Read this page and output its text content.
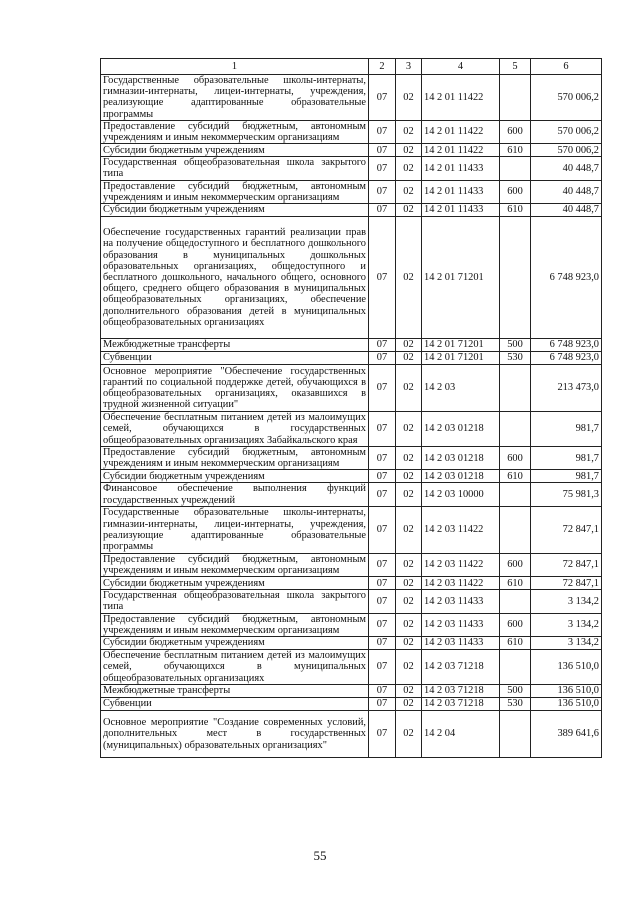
1	2	3	4	5	6
Государственные образовательные школы-интернаты, гимназии-интернаты, лицеи-интернаты, учреждения, реализующие адаптированные образовательные программы	07	02	14 2 01 11422		570 006,2
Предоставление субсидий бюджетным, автономным учреждениям и иным некоммерческим организациям	07	02	14 2 01 11422	600	570 006,2
Субсидии бюджетным учреждениям	07	02	14 2 01 11422	610	570 006,2
Государственная общеобразовательная школа закрытого типа	07	02	14 2 01 11433		40 448,7
Предоставление субсидий бюджетным, автономным учреждениям и иным некоммерческим организациям	07	02	14 2 01 11433	600	40 448,7
Субсидии бюджетным учреждениям	07	02	14 2 01 11433	610	40 448,7
Обеспечение государственных гарантий реализации прав на получение общедоступного и бесплатного дошкольного образования в муниципальных дошкольных образовательных организациях, общедоступного и бесплатного дошкольного, начального общего, основного общего, среднего общего образования в муниципальных общеобразовательных организациях, обеспечение дополнительного образования детей в муниципальных общеобразовательных организациях	07	02	14 2 01 71201		6 748 923,0
Межбюджетные трансферты	07	02	14 2 01 71201	500	6 748 923,0
Субвенции	07	02	14 2 01 71201	530	6 748 923,0
Основное мероприятие "Обеспечение государственных гарантий по социальной поддержке детей, обучающихся в общеобразовательных организациях, оказавшихся в трудной жизненной ситуации"	07	02	14 2 03		213 473,0
Обеспечение бесплатным питанием детей из малоимущих семей, обучающихся в государственных общеобразовательных организациях Забайкальского края	07	02	14 2 03 01218		981,7
Предоставление субсидий бюджетным, автономным учреждениям и иным некоммерческим организациям	07	02	14 2 03 01218	600	981,7
Субсидии бюджетным учреждениям	07	02	14 2 03 01218	610	981,7
Финансовое обеспечение выполнения функций государственных учреждений	07	02	14 2 03 10000		75 981,3
Государственные образовательные школы-интернаты, гимназии-интернаты, лицеи-интернаты, учреждения, реализующие адаптированные образовательные программы	07	02	14 2 03 11422		72 847,1
Предоставление субсидий бюджетным, автономным учреждениям и иным некоммерческим организациям	07	02	14 2 03 11422	600	72 847,1
Субсидии бюджетным учреждениям	07	02	14 2 03 11422	610	72 847,1
Государственная общеобразовательная школа закрытого типа	07	02	14 2 03 11433		3 134,2
Предоставление субсидий бюджетным, автономным учреждениям и иным некоммерческим организациям	07	02	14 2 03 11433	600	3 134,2
Субсидии бюджетным учреждениям	07	02	14 2 03 11433	610	3 134,2
Обеспечение бесплатным питанием детей из малоимущих семей, обучающихся в муниципальных общеобразовательных организациях	07	02	14 2 03 71218		136 510,0
Межбюджетные трансферты	07	02	14 2 03 71218	500	136 510,0
Субвенции	07	02	14 2 03 71218	530	136 510,0
Основное мероприятие "Создание современных условий, дополнительных мест в государственных (муниципальных) образовательных организациях"	07	02	14 2 04		389 641,6
55
